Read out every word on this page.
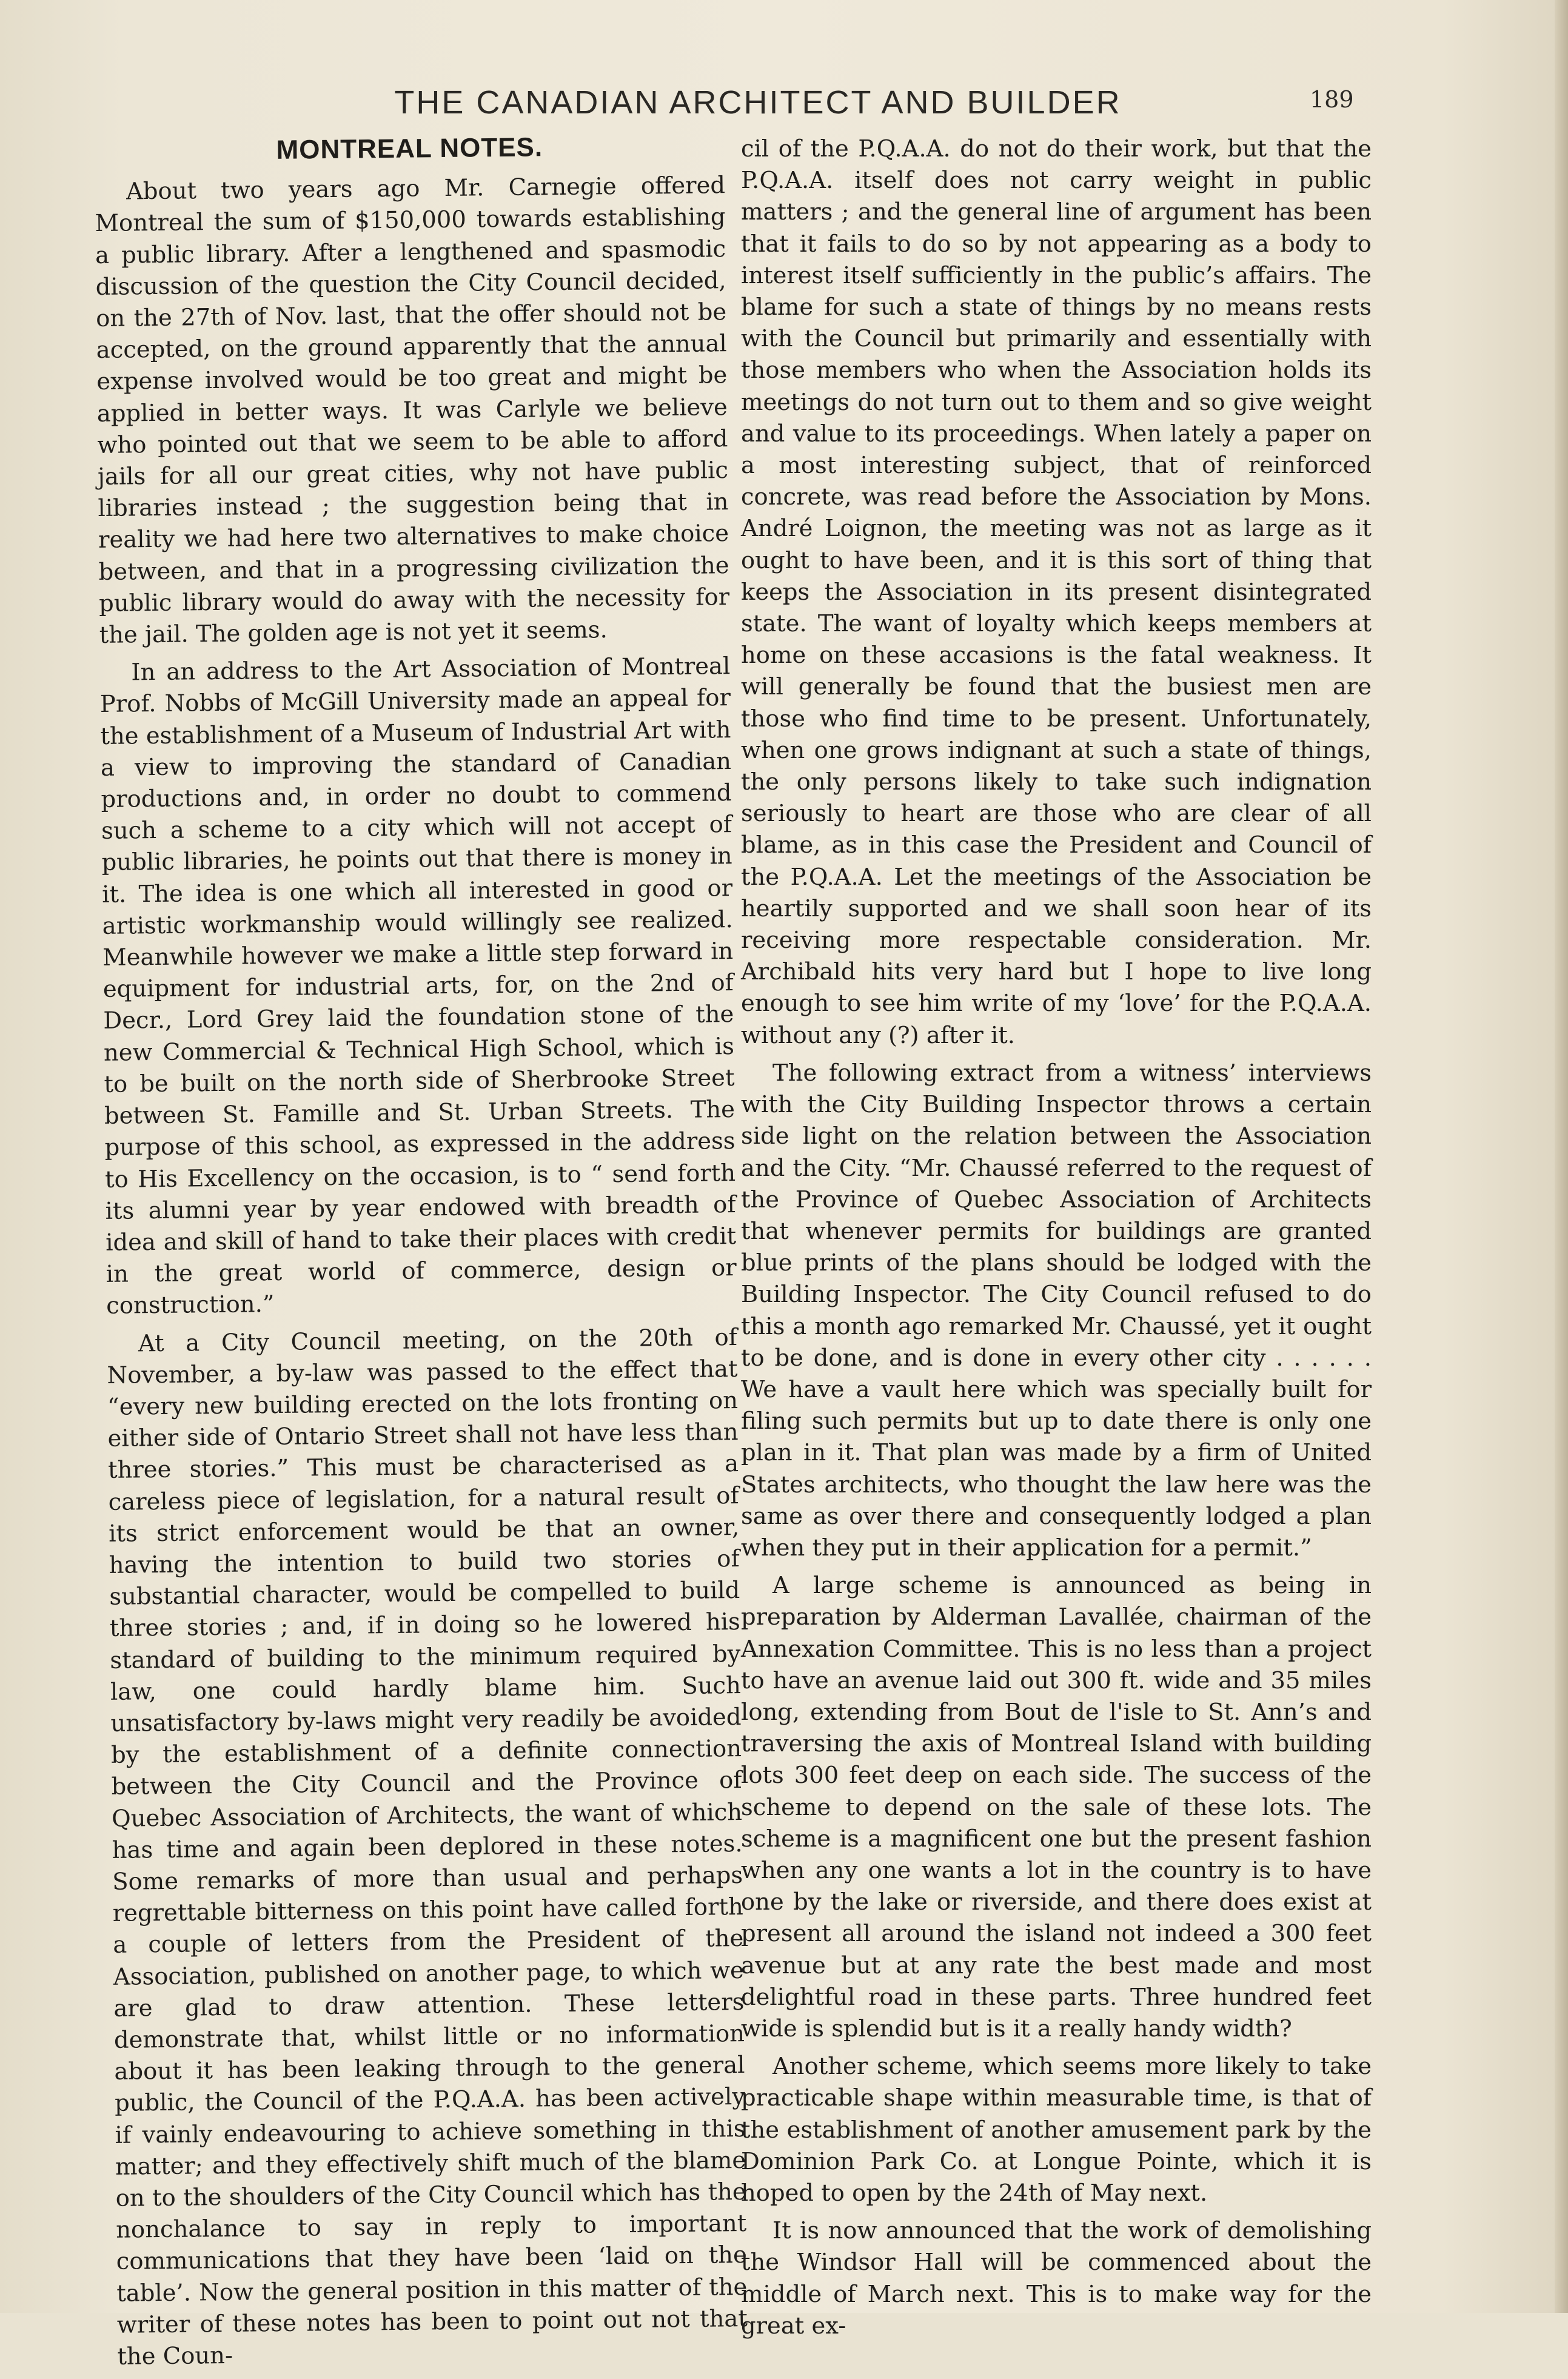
THE CANADIAN ARCHITECT AND BUILDER	189
MONTREAL NOTES.

About two years ago Mr. Carnegie offered Montreal the sum of $150,000 towards establishing a public library. After a lengthened and spasmodic discussion of the question the City Council decided, on the 27th of Nov. last, that the offer should not be accepted, on the ground apparently that the annual expense involved would be too great and might be applied in better ways. It was Carlyle we believe who pointed out that we seem to be able to afford jails for all our great cities, why not have public libraries instead ; the suggestion being that in reality we had here two alternatives to make choice between, and that in a progressing civilization the public library would do away with the necessity for the jail. The golden age is not yet it seems.

In an address to the Art Association of Montreal Prof. Nobbs of McGill University made an appeal for the establishment of a Museum of Industrial Art with a view to improving the standard of Canadian productions and, in order no doubt to commend such a scheme to a city which will not accept of public libraries, he points out that there is money in it. The idea is one which all interested in good or artistic workmanship would willingly see realized. Meanwhile however we make a little step forward in equipment for industrial arts, for, on the 2nd of Decr., Lord Grey laid the foundation stone of the new Commercial & Technical High School, which is to be built on the north side of Sherbrooke Street between St. Famille and St. Urban Streets. The purpose of this school, as expressed in the address to His Excellency on the occasion, is to “ send forth its alumni year by year endowed with breadth of idea and skill of hand to take their places with credit in the great world of commerce, design or construction.”

At a City Council meeting, on the 20th of November, a by-law was passed to the effect that “every new building erected on the lots fronting on either side of Ontario Street shall not have less than three stories.” This must be characterised as a careless piece of legislation, for a natural result of its strict enforcement would be that an owner, having the intention to build two stories of substantial character, would be compelled to build three stories ; and, if in doing so he lowered his standard of building to the minimum required by law, one could hardly blame him. Such unsatisfactory by-laws might very readily be avoided by the establishment of a definite connection between the City Council and the Province of Quebec Association of Architects, the want of which has time and again been deplored in these notes. Some remarks of more than usual and perhaps regrettable bitterness on this point have called forth a couple of letters from the President of the Association, published on another page, to which we are glad to draw attention. These letters demonstrate that, whilst little or no information about it has been leaking through to the general public, the Council of the P.Q.A.A. has been actively if vainly endeavouring to achieve something in this matter; and they effectively shift much of the blame on to the shoulders of the City Council which has the nonchalance to say in reply to important communications that they have been ‘laid on the table’. Now the general position in this matter of the writer of these notes has been to point out not that the Coun-

cil of the P.Q.A.A. do not do their work, but that the P.Q.A.A. itself does not carry weight in public matters ; and the general line of argument has been that it fails to do so by not appearing as a body to interest itself sufficiently in the public’s affairs. The blame for such a state of things by no means rests with the Council but primarily and essentially with those members who when the Association holds its meetings do not turn out to them and so give weight and value to its proceedings. When lately a paper on a most interesting subject, that of reinforced concrete, was read before the Association by Mons. André Loignon, the meeting was not as large as it ought to have been, and it is this sort of thing that keeps the Association in its present disintegrated state. The want of loyalty which keeps members at home on these accasions is the fatal weakness. It will generally be found that the busiest men are those who find time to be present. Unfortunately, when one grows indignant at such a state of things, the only persons likely to take such indignation seriously to heart are those who are clear of all blame, as in this case the President and Council of the P.Q.A.A. Let the meetings of the Association be heartily supported and we shall soon hear of its receiving more respectable consideration. Mr. Archibald hits very hard but I hope to live long enough to see him write of my ‘love’ for the P.Q.A.A. without any (?) after it.

The following extract from a witness’ interviews with the City Building Inspector throws a certain side light on the relation between the Association and the City. “Mr. Chaussé referred to the request of the Province of Quebec Association of Architects that whenever permits for buildings are granted blue prints of the plans should be lodged with the Building Inspector. The City Council refused to do this a month ago remarked Mr. Chaussé, yet it ought to be done, and is done in every other city . . . . . . We have a vault here which was specially built for filing such permits but up to date there is only one plan in it. That plan was made by a firm of United States architects, who thought the law here was the same as over there and consequently lodged a plan when they put in their application for a permit.”

A large scheme is announced as being in preparation by Alderman Lavallée, chairman of the Annexation Committee. This is no less than a project to have an avenue laid out 300 ft. wide and 35 miles long, extending from Bout de l'isle to St. Ann’s and traversing the axis of Montreal Island with building lots 300 feet deep on each side. The success of the scheme to depend on the sale of these lots. The scheme is a magnificent one but the present fashion when any one wants a lot in the country is to have one by the lake or riverside, and there does exist at present all around the island not indeed a 300 feet avenue but at any rate the best made and most delightful road in these parts. Three hundred feet wide is splendid but is it a really handy width?

Another scheme, which seems more likely to take practicable shape within measurable time, is that of the establishment of another amusement park by the Dominion Park Co. at Longue Pointe, which it is hoped to open by the 24th of May next.

It is now announced that the work of demolishing the Windsor Hall will be commenced about the middle of March next. This is to make way for the great ex-
